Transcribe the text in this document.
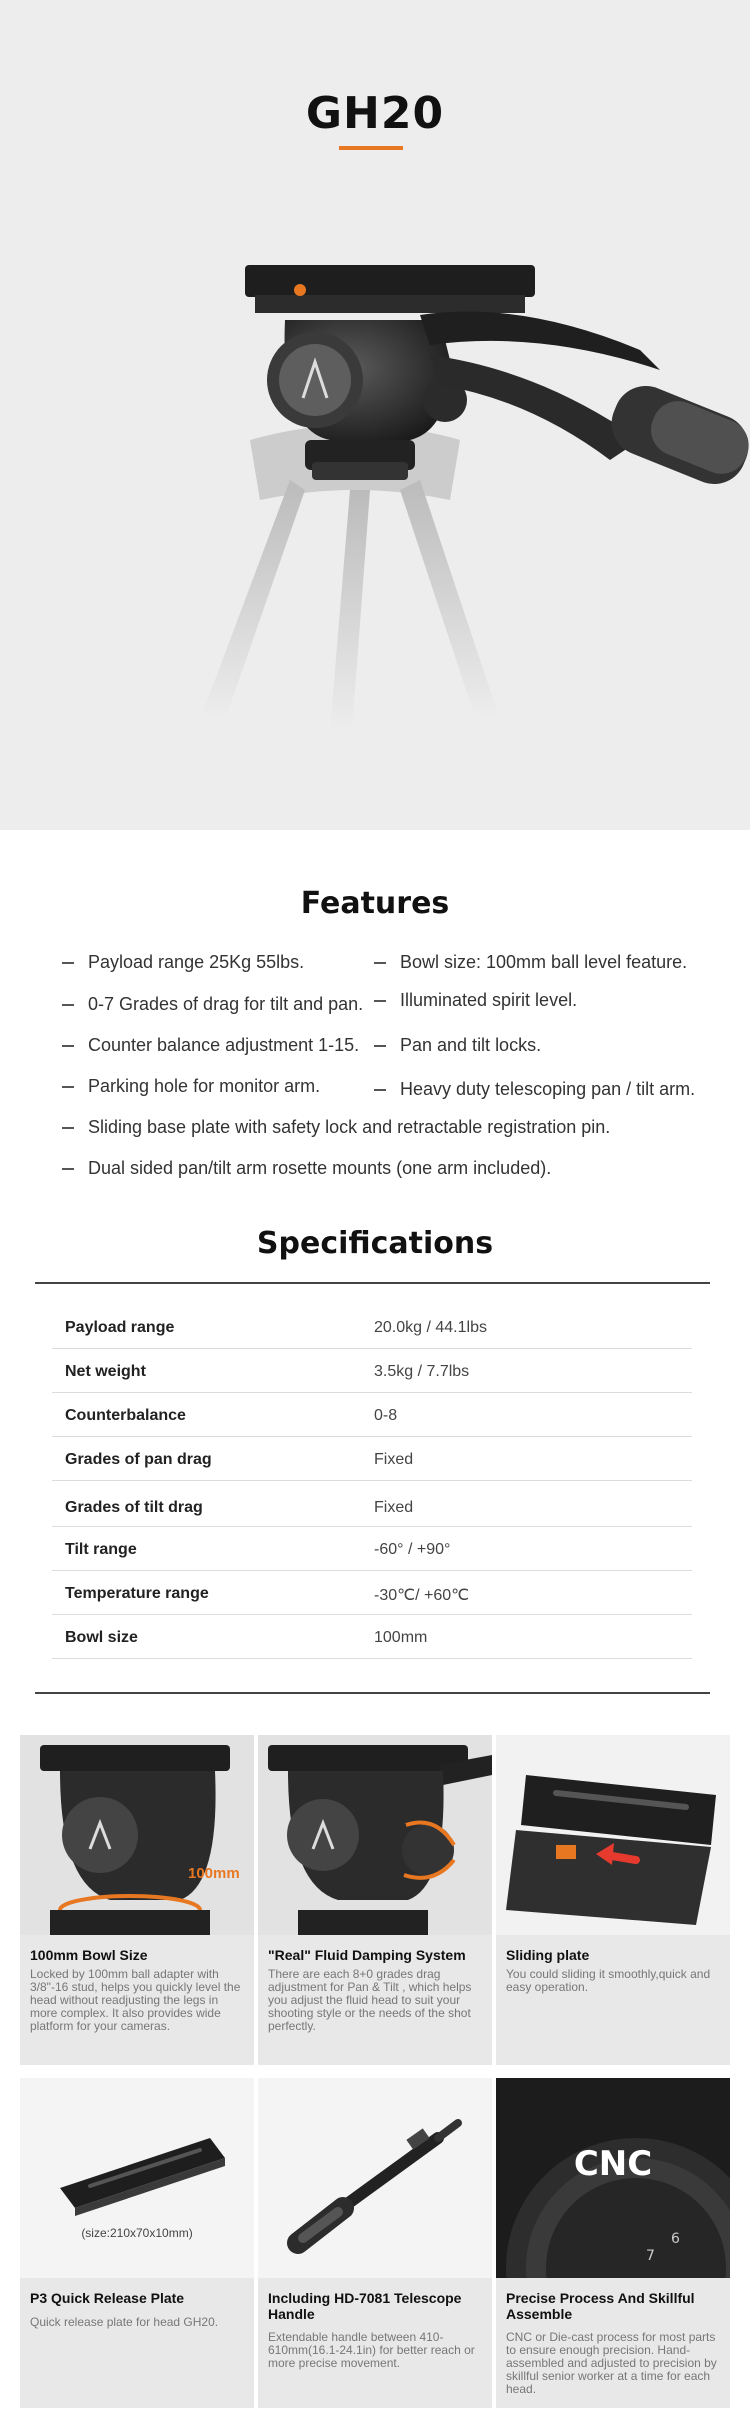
GH20
Features
Payload range 25Kg 55lbs.	Bowl size: 100mm ball level feature.
0-7 Grades of drag for tilt and pan.	Illuminated spirit level.
Counter balance adjustment 1-15.	Pan and tilt locks.
Parking hole for monitor arm.	Heavy duty telescoping pan / tilt arm.
Sliding base plate with safety lock and retractable registration pin.
Dual sided pan/tilt arm rosette mounts (one arm included).
Specifications
Payload range	20.0kg / 44.1lbs
Net weight	3.5kg / 7.7lbs
Counterbalance	0-8
Grades of pan drag	Fixed
Grades of tilt drag	Fixed
Tilt range	-60° / +90°
Temperature range	-30℃/ +60℃
Bowl size	100mm
100mm
100mm Bowl Size
Locked by 100mm ball adapter with 3/8"-16 stud, helps you quickly level the head without readjusting the legs in more complex. It also provides wide platform for your cameras.
"Real" Fluid Damping System
There are each 8+0 grades drag adjustment for Pan & Tilt , which helps you adjust the fluid head to suit your shooting style or the needs of the shot perfectly.
Sliding plate
You could sliding it smoothly,quick and easy operation.
(size:210x70x10mm)
P3 Quick Release Plate
Quick release plate for head GH20.
Including HD-7081 Telescope Handle
Extendable handle between 410-610mm(16.1-24.1in) for better reach or more precise movement.
7
6
CNC
Precise Process And Skillful Assemble
CNC or Die-cast process for most parts to ensure enough precision. Hand-assembled and adjusted to precision by skillful senior worker at a time for each head.
